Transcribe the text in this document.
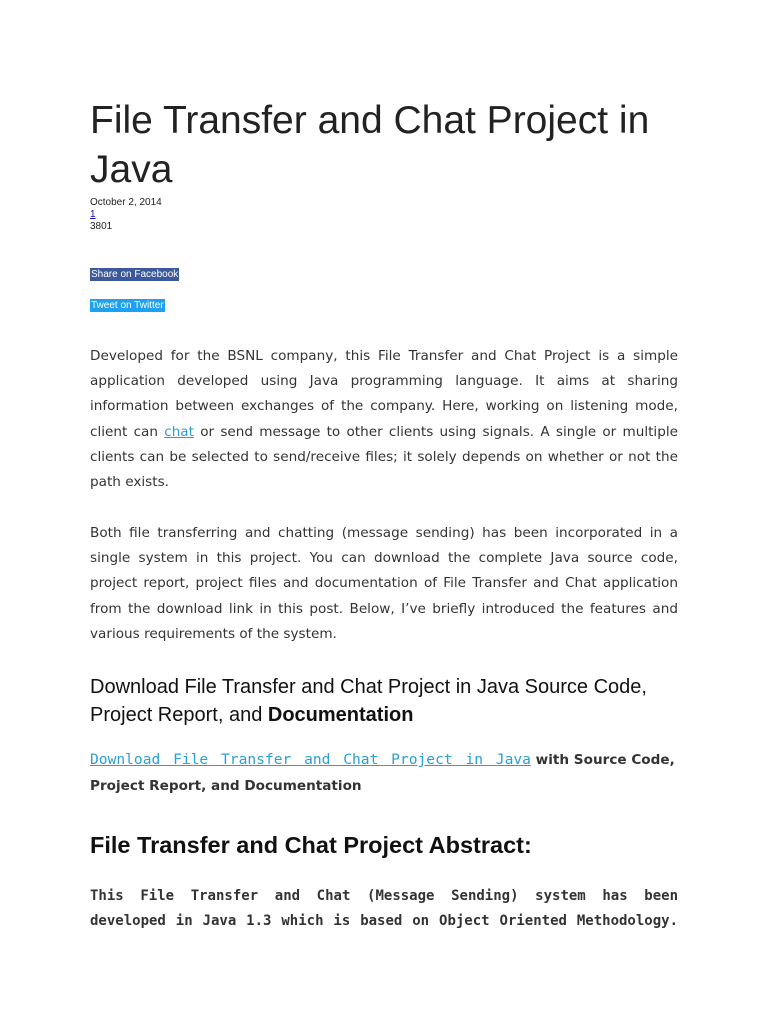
File Transfer and Chat Project in Java
October 2, 2014
1
3801
Share on Facebook
Tweet on Twitter

Developed for the BSNL company, this File Transfer and Chat Project is a simple application developed using Java programming language. It aims at sharing information between exchanges of the company. Here, working on listening mode, client can chat or send message to other clients using signals. A single or multiple clients can be selected to send/receive files; it solely depends on whether or not the path exists.

Both file transferring and chatting (message sending) has been incorporated in a single system in this project. You can download the complete Java source code, project report, project files and documentation of File Transfer and Chat application from the download link in this post. Below, I’ve briefly introduced the features and various requirements of the system.

Download File Transfer and Chat Project in Java Source Code, Project Report, and Documentation

Download File Transfer and Chat Project in Java with Source Code,
Project Report, and Documentation

File Transfer and Chat Project Abstract:

This File Transfer and Chat (Message Sending) system has been developed in Java 1.3 which is based on Object Oriented Methodology.
